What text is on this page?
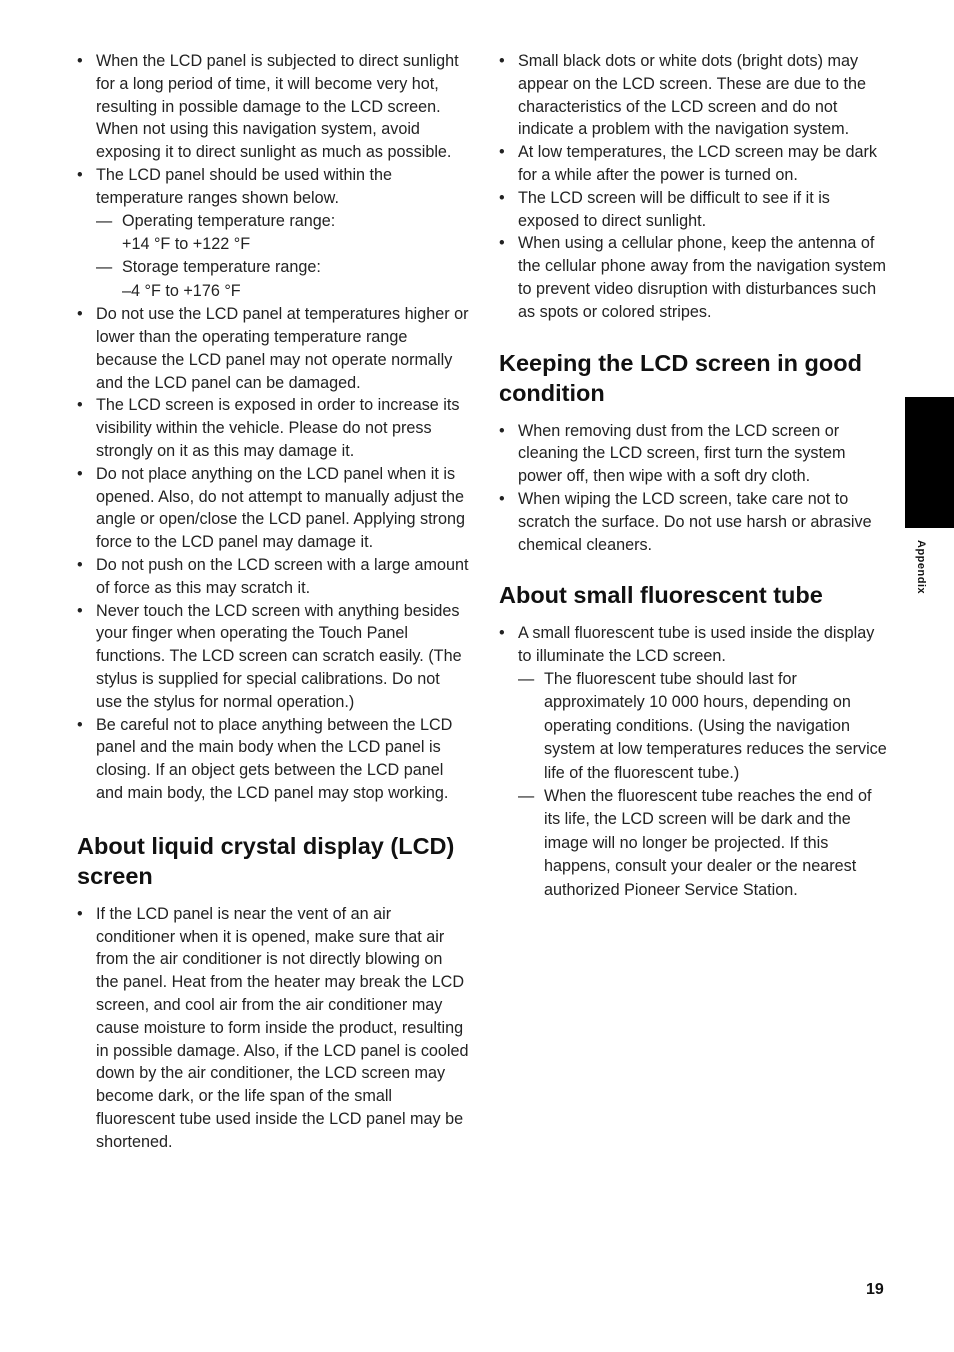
• When the LCD panel is subjected to direct sunlight for a long period of time, it will become very hot, resulting in possible damage to the LCD screen. When not using this navigation system, avoid exposing it to direct sunlight as much as possible.
• The LCD panel should be used within the temperature ranges shown below.
— Operating temperature range:
+14 °F to +122 °F
— Storage temperature range:
–4 °F to +176 °F
• Do not use the LCD panel at temperatures higher or lower than the operating temperature range because the LCD panel may not operate normally and the LCD panel can be damaged.
• The LCD screen is exposed in order to increase its visibility within the vehicle. Please do not press strongly on it as this may damage it.
• Do not place anything on the LCD panel when it is opened. Also, do not attempt to manually adjust the angle or open/close the LCD panel. Applying strong force to the LCD panel may damage it.
• Do not push on the LCD screen with a large amount of force as this may scratch it.
• Never touch the LCD screen with anything besides your finger when operating the Touch Panel functions. The LCD screen can scratch easily. (The stylus is supplied for special calibrations. Do not use the stylus for normal operation.)
• Be careful not to place anything between the LCD panel and the main body when the LCD panel is closing. If an object gets between the LCD panel and main body, the LCD panel may stop working.
About liquid crystal display (LCD) screen
• If the LCD panel is near the vent of an air conditioner when it is opened, make sure that air from the air conditioner is not directly blowing on the panel. Heat from the heater may break the LCD screen, and cool air from the air conditioner may cause moisture to form inside the product, resulting in possible damage. Also, if the LCD panel is cooled down by the air conditioner, the LCD screen may become dark, or the life span of the small fluorescent tube used inside the LCD panel may be shortened.
• Small black dots or white dots (bright dots) may appear on the LCD screen. These are due to the characteristics of the LCD screen and do not indicate a problem with the navigation system.
• At low temperatures, the LCD screen may be dark for a while after the power is turned on.
• The LCD screen will be difficult to see if it is exposed to direct sunlight.
• When using a cellular phone, keep the antenna of the cellular phone away from the navigation system to prevent video disruption with disturbances such as spots or colored stripes.
Keeping the LCD screen in good condition
• When removing dust from the LCD screen or cleaning the LCD screen, first turn the system power off, then wipe with a soft dry cloth.
• When wiping the LCD screen, take care not to scratch the surface. Do not use harsh or abrasive chemical cleaners.
About small fluorescent tube
• A small fluorescent tube is used inside the display to illuminate the LCD screen.
— The fluorescent tube should last for approximately 10 000 hours, depending on operating conditions. (Using the navigation system at low temperatures reduces the service life of the fluorescent tube.)
— When the fluorescent tube reaches the end of its life, the LCD screen will be dark and the image will no longer be projected. If this happens, consult your dealer or the nearest authorized Pioneer Service Station.
Appendix
19
